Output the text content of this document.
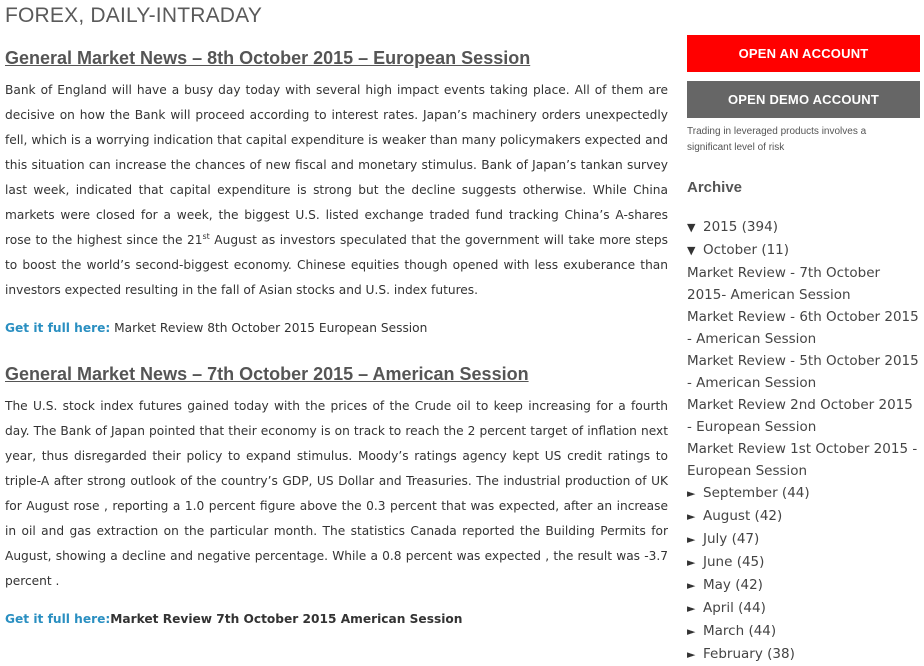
FOREX, DAILY-INTRADAY
General Market News – 8th October 2015 – European Session

Bank of England will have a busy day today with several high impact events taking place. All of them are decisive on how the Bank will proceed according to interest rates. Japan’s machinery orders unexpectedly fell, which is a worrying indication that capital expenditure is weaker than many policymakers expected and this situation can increase the chances of new fiscal and monetary stimulus. Bank of Japan’s tankan survey last week, indicated that capital expenditure is strong but the decline suggests otherwise. While China markets were closed for a week, the biggest U.S. listed exchange traded fund tracking China’s A-shares rose to the highest since the 21st August as investors speculated that the government will take more steps to boost the world’s second-biggest economy. Chinese equities though opened with less exuberance than investors expected resulting in the fall of Asian stocks and U.S. index futures.

Get it full here: Market Review 8th October 2015 European Session
General Market News – 7th October 2015 – American Session

The U.S. stock index futures gained today with the prices of the Crude oil to keep increasing for a fourth day. The Bank of Japan pointed that their economy is on track to reach the 2 percent target of inflation next year, thus disregarded their policy to expand stimulus. Moody’s ratings agency kept US credit ratings to triple-A after strong outlook of the country’s GDP, US Dollar and Treasuries. The industrial production of UK for August rose , reporting a 1.0 percent figure above the 0.3 percent that was expected, after an increase in oil and gas extraction on the particular month. The statistics Canada reported the Building Permits for August, showing a decline and negative percentage. While a 0.8 percent was expected , the result was -3.7 percent .

Get it full here:Market Review 7th October 2015 American Session
OPEN AN ACCOUNT
OPEN DEMO ACCOUNT
Trading in leveraged products involves a significant level of risk
Archive
▼ 2015 (394)
▼ October (11)
Market Review - 7th October 2015- American Session
Market Review - 6th October 2015 - American Session
Market Review - 5th October 2015 - American Session
Market Review 2nd October 2015 - European Session
Market Review 1st October 2015 - European Session
► September (44)
► August (42)
► July (47)
► June (45)
► May (42)
► April (44)
► March (44)
► February (38)
